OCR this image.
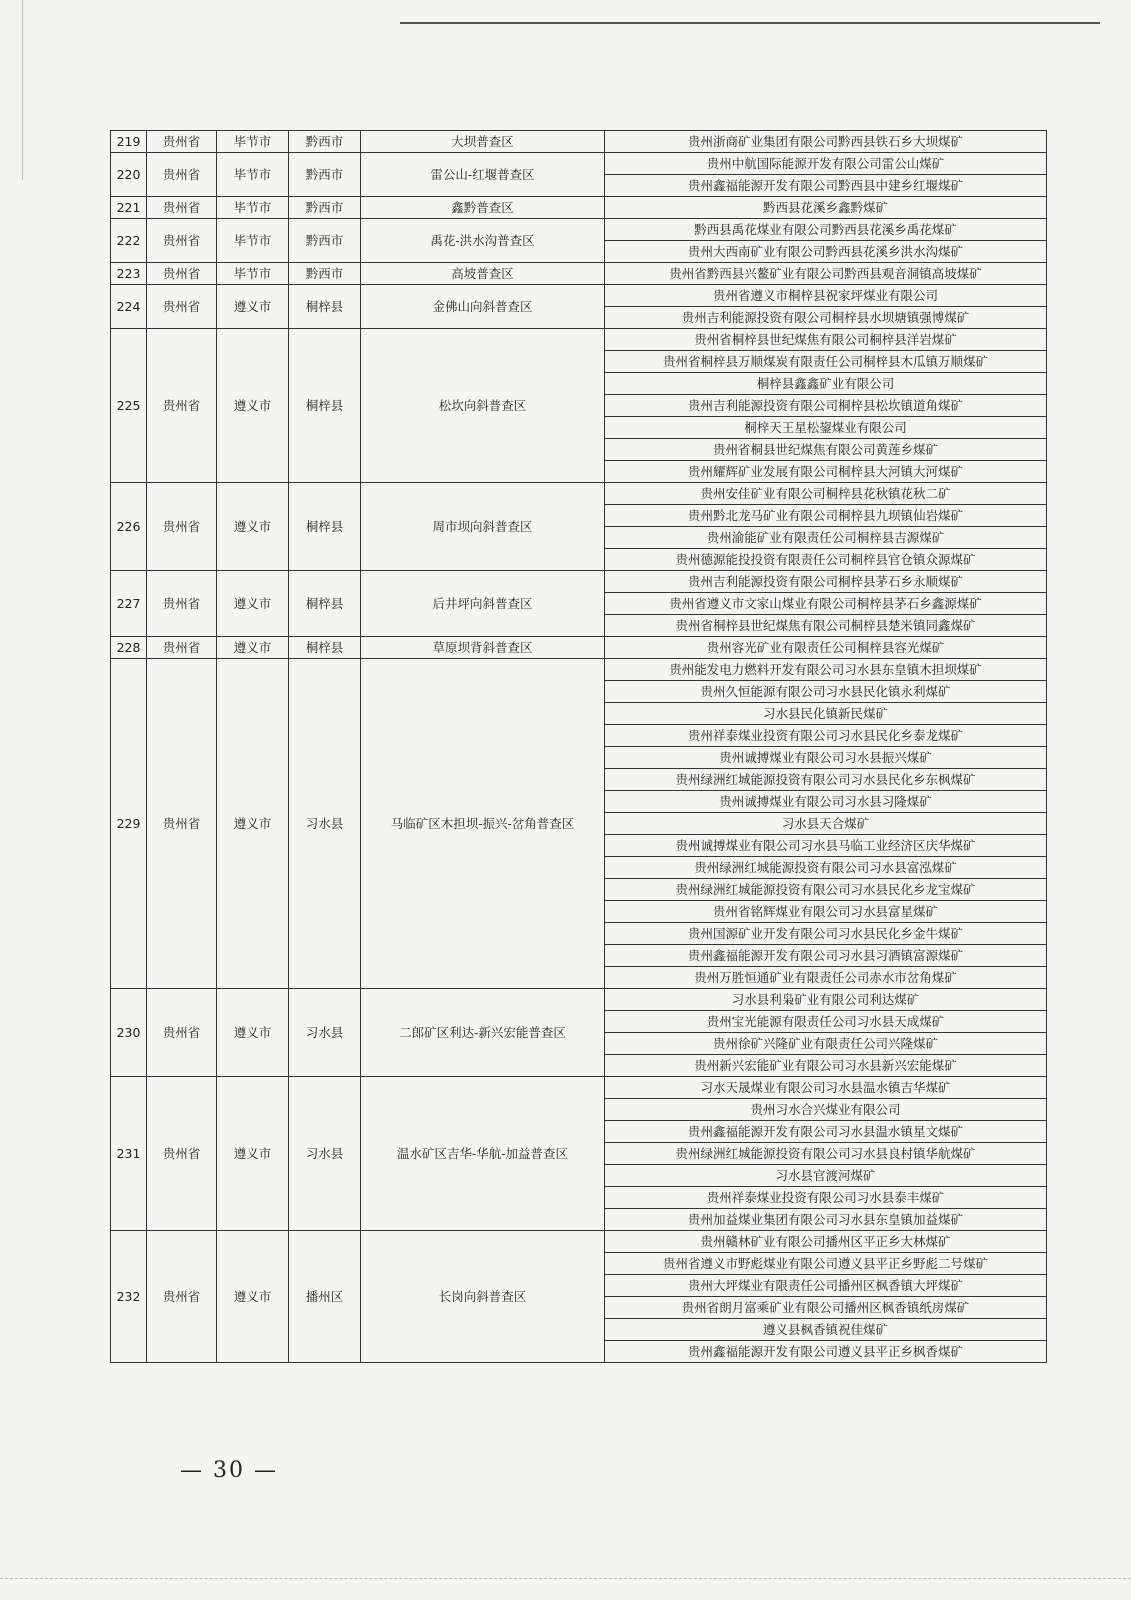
219	贵州省	毕节市	黔西市	大坝普查区	贵州浙商矿业集团有限公司黔西县铁石乡大坝煤矿
220	贵州省	毕节市	黔西市	雷公山-红堰普查区	贵州中航国际能源开发有限公司雷公山煤矿
					贵州鑫福能源开发有限公司黔西县中建乡红堰煤矿
221	贵州省	毕节市	黔西市	鑫黔普查区	黔西县花溪乡鑫黔煤矿
222	贵州省	毕节市	黔西市	禹花-洪水沟普查区	黔西县禹花煤业有限公司黔西县花溪乡禹花煤矿
					贵州大西南矿业有限公司黔西县花溪乡洪水沟煤矿
223	贵州省	毕节市	黔西市	高坡普查区	贵州省黔西县兴鳌矿业有限公司黔西县观音洞镇高坡煤矿
224	贵州省	遵义市	桐梓县	金佛山向斜普查区	贵州省遵义市桐梓县祝家坪煤业有限公司
					贵州吉利能源投资有限公司桐梓县水坝塘镇强博煤矿
225	贵州省	遵义市	桐梓县	松坎向斜普查区	贵州省桐梓县世纪煤焦有限公司桐梓县洋岩煤矿
					贵州省桐梓县万顺煤炭有限责任公司桐梓县木瓜镇万顺煤矿
					桐梓县鑫鑫矿业有限公司
					贵州吉利能源投资有限公司桐梓县松坎镇道角煤矿
					桐梓天王星松鋆煤业有限公司
					贵州省桐县世纪煤焦有限公司黄莲乡煤矿
					贵州耀辉矿业发展有限公司桐梓县大河镇大河煤矿
226	贵州省	遵义市	桐梓县	周市坝向斜普查区	贵州安佳矿业有限公司桐梓县花秋镇花秋二矿
					贵州黔北龙马矿业有限公司桐梓县九坝镇仙岩煤矿
					贵州渝能矿业有限责任公司桐梓县吉源煤矿
					贵州德源能投投资有限责任公司桐梓县官仓镇众源煤矿
227	贵州省	遵义市	桐梓县	后井坪向斜普查区	贵州吉利能源投资有限公司桐梓县茅石乡永顺煤矿
					贵州省遵义市文家山煤业有限公司桐梓县茅石乡鑫源煤矿
					贵州省桐梓县世纪煤焦有限公司桐梓县楚米镇同鑫煤矿
228	贵州省	遵义市	桐梓县	草原坝背斜普查区	贵州容光矿业有限责任公司桐梓县容光煤矿
229	贵州省	遵义市	习水县	马临矿区木担坝-振兴-岔角普查区	贵州能发电力燃料开发有限公司习水县东皇镇木担坝煤矿
					贵州久恒能源有限公司习水县民化镇永利煤矿
					习水县民化镇新民煤矿
					贵州祥泰煤业投资有限公司习水县民化乡泰龙煤矿
					贵州诚搏煤业有限公司习水县振兴煤矿
					贵州绿洲红城能源投资有限公司习水县民化乡东枫煤矿
					贵州诚搏煤业有限公司习水县习隆煤矿
					习水县天合煤矿
					贵州诚搏煤业有限公司习水县马临工业经济区庆华煤矿
					贵州绿洲红城能源投资有限公司习水县富泓煤矿
					贵州绿洲红城能源投资有限公司习水县民化乡龙宝煤矿
					贵州省铭辉煤业有限公司习水县富星煤矿
					贵州国源矿业开发有限公司习水县民化乡金牛煤矿
					贵州鑫福能源开发有限公司习水县习酒镇富源煤矿
					贵州万胜恒通矿业有限责任公司赤水市岔角煤矿
230	贵州省	遵义市	习水县	二郎矿区利达-新兴宏能普查区	习水县利枭矿业有限公司利达煤矿
					贵州宝光能源有限责任公司习水县天成煤矿
					贵州徐矿兴隆矿业有限责任公司兴隆煤矿
					贵州新兴宏能矿业有限公司习水县新兴宏能煤矿
231	贵州省	遵义市	习水县	温水矿区吉华-华航-加益普查区	习水天晟煤业有限公司习水县温水镇吉华煤矿
					贵州习水合兴煤业有限公司
					贵州鑫福能源开发有限公司习水县温水镇星文煤矿
					贵州绿洲红城能源投资有限公司习水县良村镇华航煤矿
					习水县官渡河煤矿
					贵州祥泰煤业投资有限公司习水县泰丰煤矿
					贵州加益煤业集团有限公司习水县东皇镇加益煤矿
232	贵州省	遵义市	播州区	长岗向斜普查区	贵州赣林矿业有限公司播州区平正乡大林煤矿
					贵州省遵义市野彪煤业有限公司遵义县平正乡野彪二号煤矿
					贵州大坪煤业有限责任公司播州区枫香镇大坪煤矿
					贵州省朗月富乘矿业有限公司播州区枫香镇纸房煤矿
					遵义县枫香镇祝佳煤矿
					贵州鑫福能源开发有限公司遵义县平正乡枫香煤矿
— 30 —
